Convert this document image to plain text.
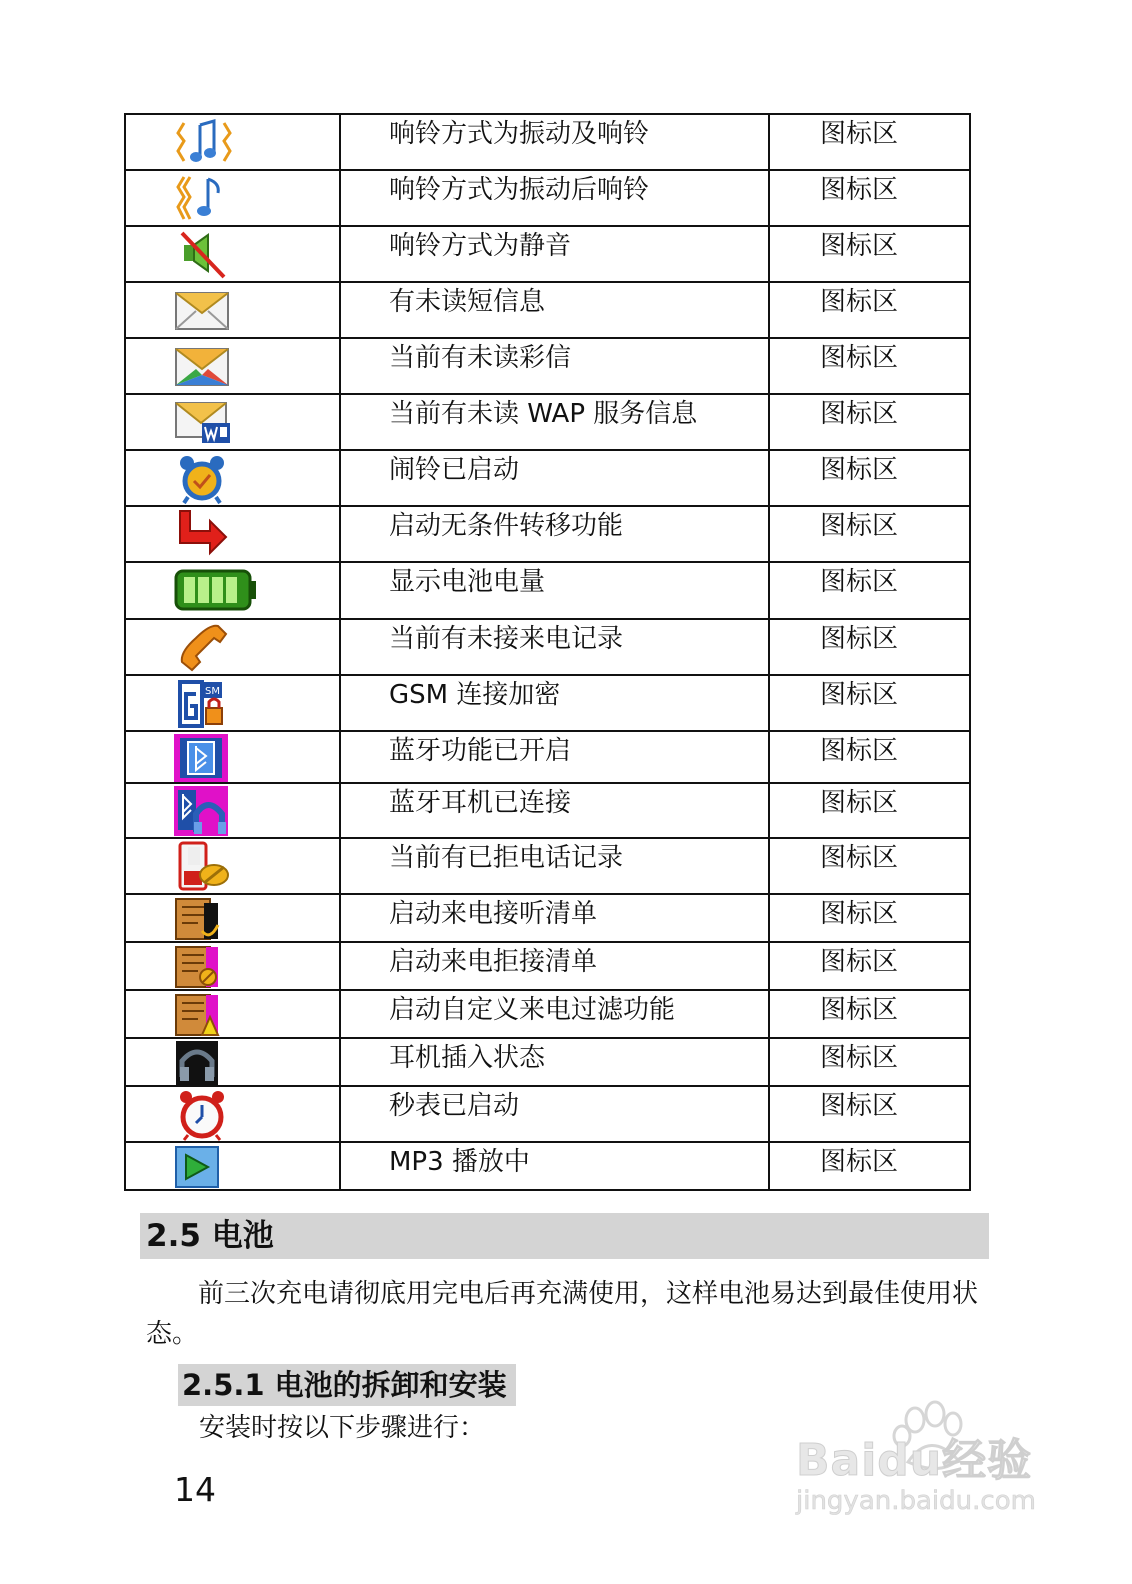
响铃方式为振动及响铃	图标区

响铃方式为振动后响铃	图标区

响铃方式为静音	图标区

有未读短信息	图标区

当前有未读彩信	图标区

当前有未读 WAP 服务信息	图标区

闹铃已启动	图标区

启动无条件转移功能	图标区

显示电池电量	图标区

当前有未接来电记录	图标区

SM	GSM 连接加密	图标区

蓝牙功能已开启	图标区

蓝牙耳机已连接	图标区

当前有已拒电话记录	图标区

启动来电接听清单	图标区

启动来电拒接清单	图标区

启动自定义来电过滤功能	图标区

耳机插入状态	图标区

秒表已启动	图标区

MP3 播放中	图标区
2.5 电池
前三次充电请彻底用完电后再充满使用，这样电池易达到最佳使用状态。
2.5.1 电池的拆卸和安装
安装时按以下步骤进行：
14
Baidu经验
jingyan.baidu.com
